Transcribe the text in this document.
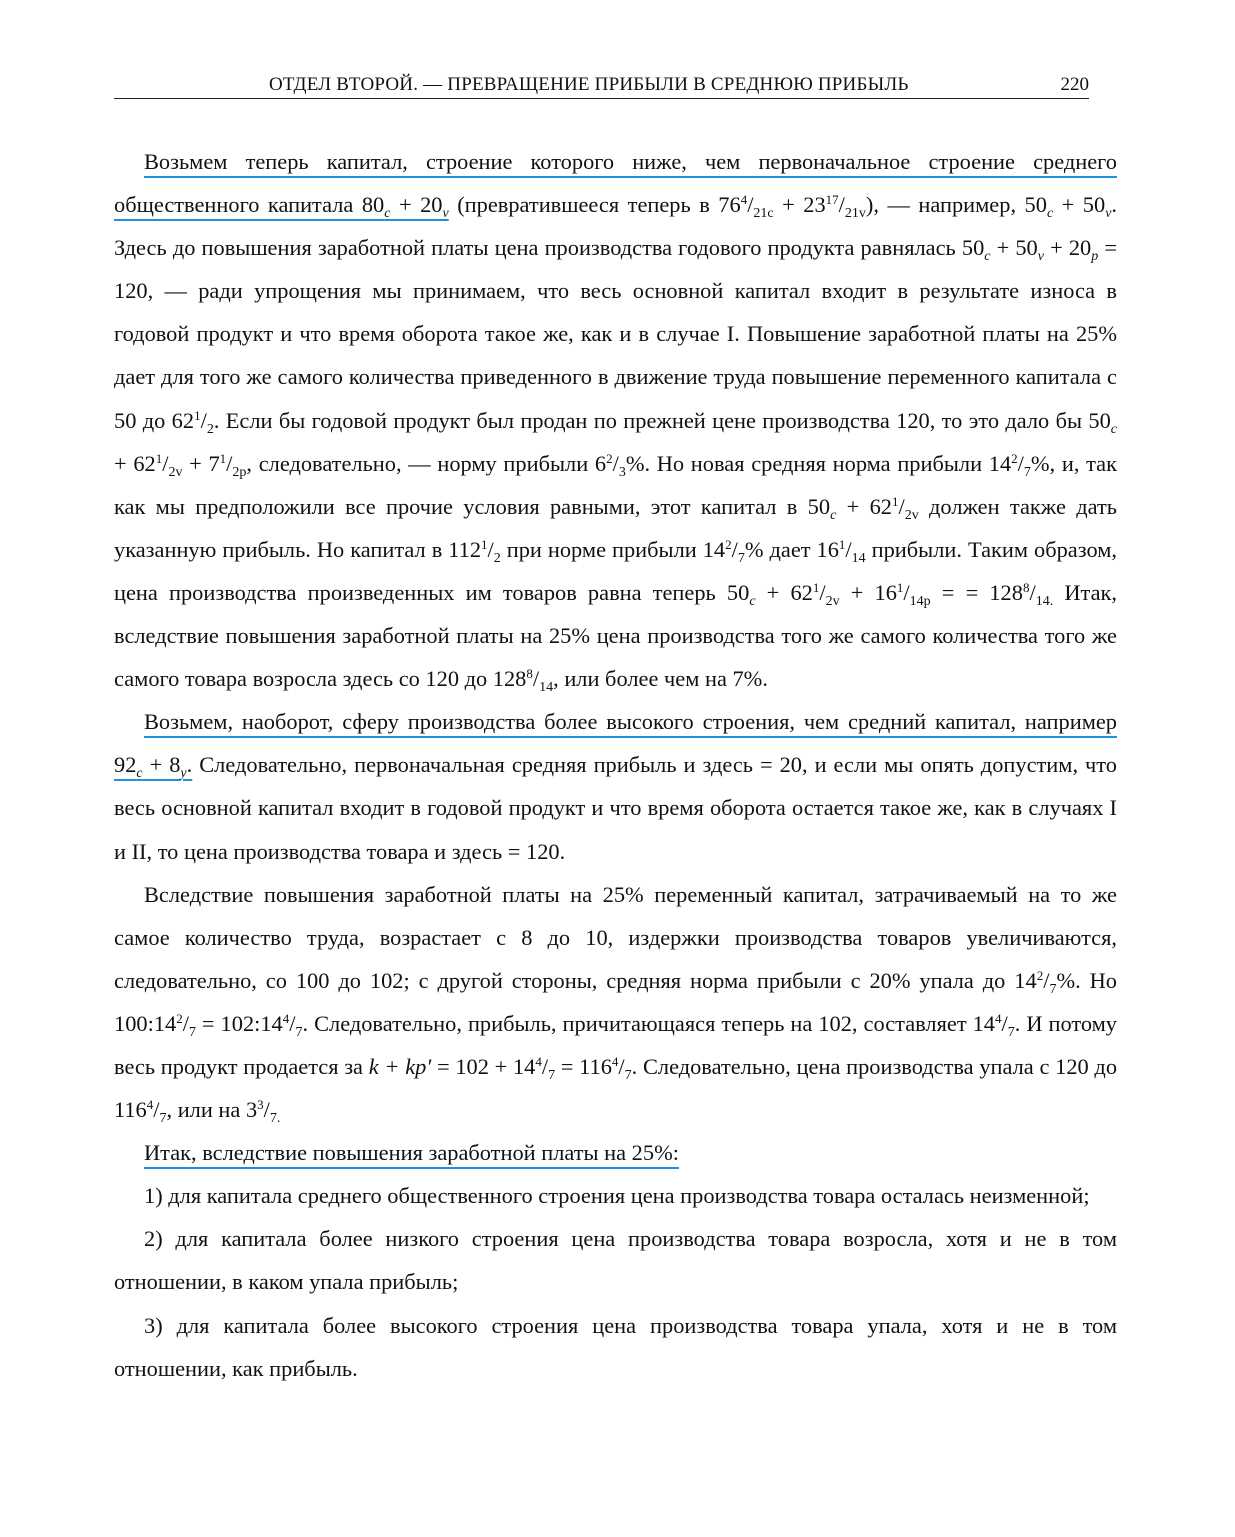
ОТДЕЛ ВТОРОЙ. — ПРЕВРАЩЕНИЕ ПРИБЫЛИ В СРЕДНЮЮ ПРИБЫЛЬ	220

Возьмем теперь капитал, строение которого ниже, чем первоначальное строение среднего общественного капитала $80_c + 20_v$ (превратившееся теперь в $76^4/_{21c} + 23^{17}/_{21v}$), — например, $50_c + 50_v$. Здесь до повышения заработной платы цена производства годового продукта равнялась $50_c + 50_v + 20_p = 120$, — ради упрощения мы принимаем, что весь основной капитал входит в результате износа в годовой продукт и что время оборота такое же, как и в случае I. Повышение заработной платы на 25% дает для того же самого количества приведенного в движение труда повышение переменного капитала с 50 до $62^1/_2$. Если бы годовой продукт был продан по прежней цене производства 120, то это дало бы $50_c + 62^1/_{2v} + 7^1/_{2p}$, следовательно, — норму прибыли $6^2/_3\%$. Но новая средняя норма прибыли $14^2/_7\%$, и, так как мы предположили все прочие условия равными, этот капитал в $50_c + 62^1/_{2v}$ должен также дать указанную прибыль. Но капитал в $112^1/_2$ при норме прибыли $14^2/_7\%$ дает $16^1/_{14}$ прибыли. Таким образом, цена производства произведенных им товаров равна теперь $50_c + 62^1/_{2v} + 16^1/_{14p}$ = = $128^8/_{14.}$ Итак, вследствие повышения заработной платы на 25% цена производства того же самого количества того же самого товара возросла здесь со 120 до $128^8/_{14}$, или более чем на 7%.

Возьмем, наоборот, сферу производства более высокого строения, чем средний капитал, например $92_c + 8_y$. Следовательно, первоначальная средняя прибыль и здесь = 20, и если мы опять допустим, что весь основной капитал входит в годовой продукт и что время оборота остается такое же, как в случаях I и II, то цена производства товара и здесь = 120.

Вследствие повышения заработной платы на 25% переменный капитал, затрачиваемый на то же самое количество труда, возрастает с 8 до 10, издержки производства товаров увеличиваются, следовательно, со 100 до 102; с другой стороны, средняя норма прибыли с 20% упала до $14^2/_7\%$. Но $100:14^2/_7$ = $102:14^4/_7$. Следовательно, прибыль, причитающаяся теперь на 102, составляет $14^4/_7$. И потому весь продукт продается за $k + kp' = 102 + 14^4/_7 = 116^4/_7$. Следовательно, цена производства упала с 120 до $116^4/_7$, или на $3^3/_{7.}$

Итак, вследствие повышения заработной платы на 25%:

1) для капитала среднего общественного строения цена производства товара осталась неизменной;

2) для капитала более низкого строения цена производства товара возросла, хотя и не в том отношении, в каком упала прибыль;

3) для капитала более высокого строения цена производства товара упала, хотя и не в том отношении, как прибыль.
